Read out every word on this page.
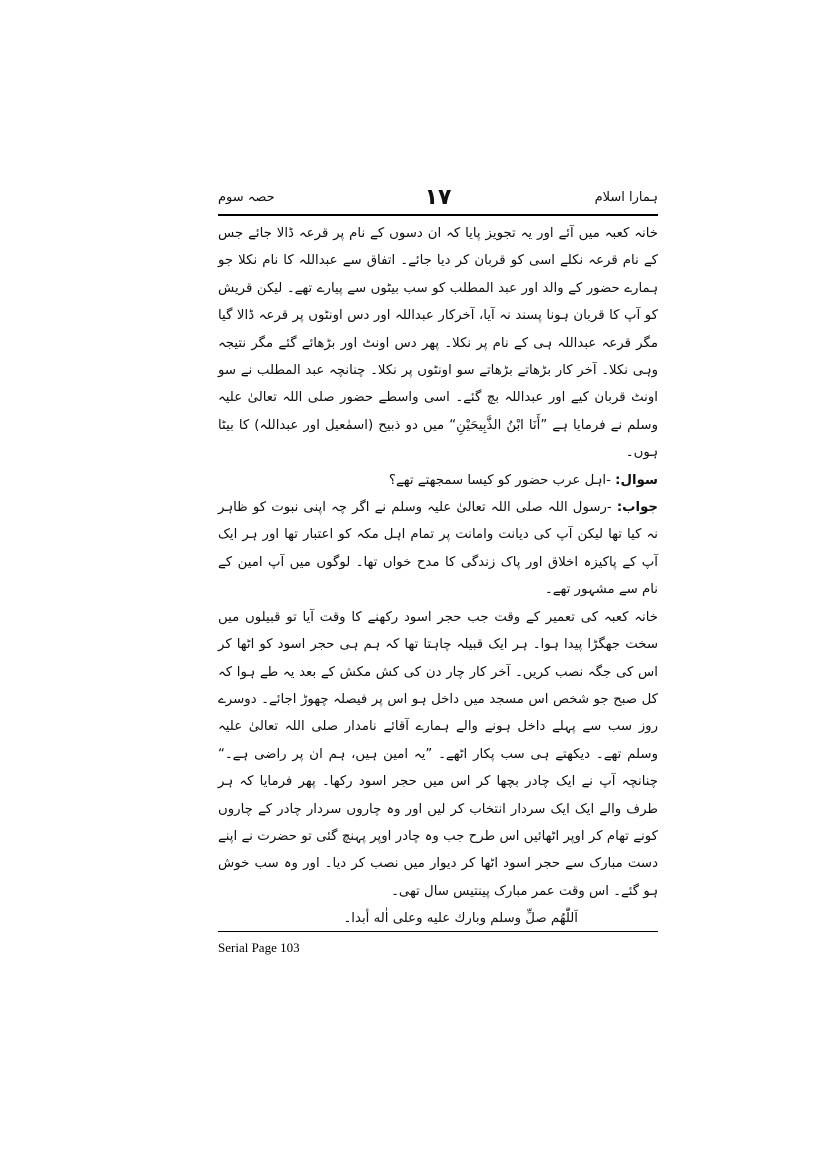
ہمارا اسلام
۱۷
حصہ سوم

خانہ کعبہ میں آئے اور یہ تجویز پایا کہ ان دسوں کے نام پر قرعہ ڈالا جائے جس کے نام قرعہ نکلے اسی کو قربان کر دیا جائے۔ اتفاق سے عبداللہ کا نام نکلا جو ہمارے حضور کے والد اور عبد المطلب کو سب بیٹوں سے پیارے تھے۔ لیکن قریش کو آپ کا قربان ہونا پسند نہ آیا، آخرکار عبداللہ اور دس اونٹوں پر قرعہ ڈالا گیا مگر قرعہ عبداللہ ہی کے نام پر نکلا۔ پھر دس اونٹ اور بڑھائے گئے مگر نتیجہ وہی نکلا۔ آخر کار بڑھاتے بڑھاتے سو اونٹوں پر نکلا۔ چنانچہ عبد المطلب نے سو اونٹ قربان کیے اور عبداللہ بچ گئے۔ اسی واسطے حضور صلی اللہ تعالیٰ علیہ وسلم نے فرمایا ہے ”أَنَا ابْنُ الذَّبِيحَيْنِ“ میں دو ذبیح (اسمٰعیل اور عبداللہ) کا بیٹا ہوں۔

سوال: -اہل عرب حضور کو کیسا سمجھتے تھے؟

جواب: -رسول اللہ صلی اللہ تعالیٰ علیہ وسلم نے اگر چہ اپنی نبوت کو ظاہر نہ کیا تھا لیکن آپ کی دیانت وامانت پر تمام اہل مکہ کو اعتبار تھا اور ہر ایک آپ کے پاکیزہ اخلاق اور پاک زندگی کا مدح خواں تھا۔ لوگوں میں آپ امین کے نام سے مشہور تھے۔

خانہ کعبہ کی تعمیر کے وقت جب حجر اسود رکھنے کا وقت آیا تو قبیلوں میں سخت جھگڑا پیدا ہوا۔ ہر ایک قبیلہ چاہتا تھا کہ ہم ہی حجر اسود کو اٹھا کر اس کی جگہ نصب کریں۔ آخر کار چار دن کی کش مکش کے بعد یہ طے ہوا کہ کل صبح جو شخص اس مسجد میں داخل ہو اس پر فیصلہ چھوڑ اجائے۔ دوسرے روز سب سے پہلے داخل ہونے والے ہمارے آقائے نامدار صلی اللہ تعالیٰ علیہ وسلم تھے۔ دیکھتے ہی سب پکار اٹھے۔ ”یہ امین ہیں، ہم ان پر راضی ہے۔“ چنانچہ آپ نے ایک چادر بچھا کر اس میں حجر اسود رکھا۔ پھر فرمایا کہ ہر طرف والے ایک ایک سردار انتخاب کر لیں اور وہ چاروں سردار چادر کے چاروں کونے تھام کر اوپر اٹھائیں اس طرح جب وہ چادر اوپر پہنچ گئی تو حضرت نے اپنے دست مبارک سے حجر اسود اٹھا کر دیوار میں نصب کر دیا۔ اور وہ سب خوش ہو گئے۔ اس وقت عمر مبارک پینتیس سال تھی۔

اَللّٰهُم صلِّ وسلم وبارك عليه وعلى اٰله أبدا۔

Serial Page 103
